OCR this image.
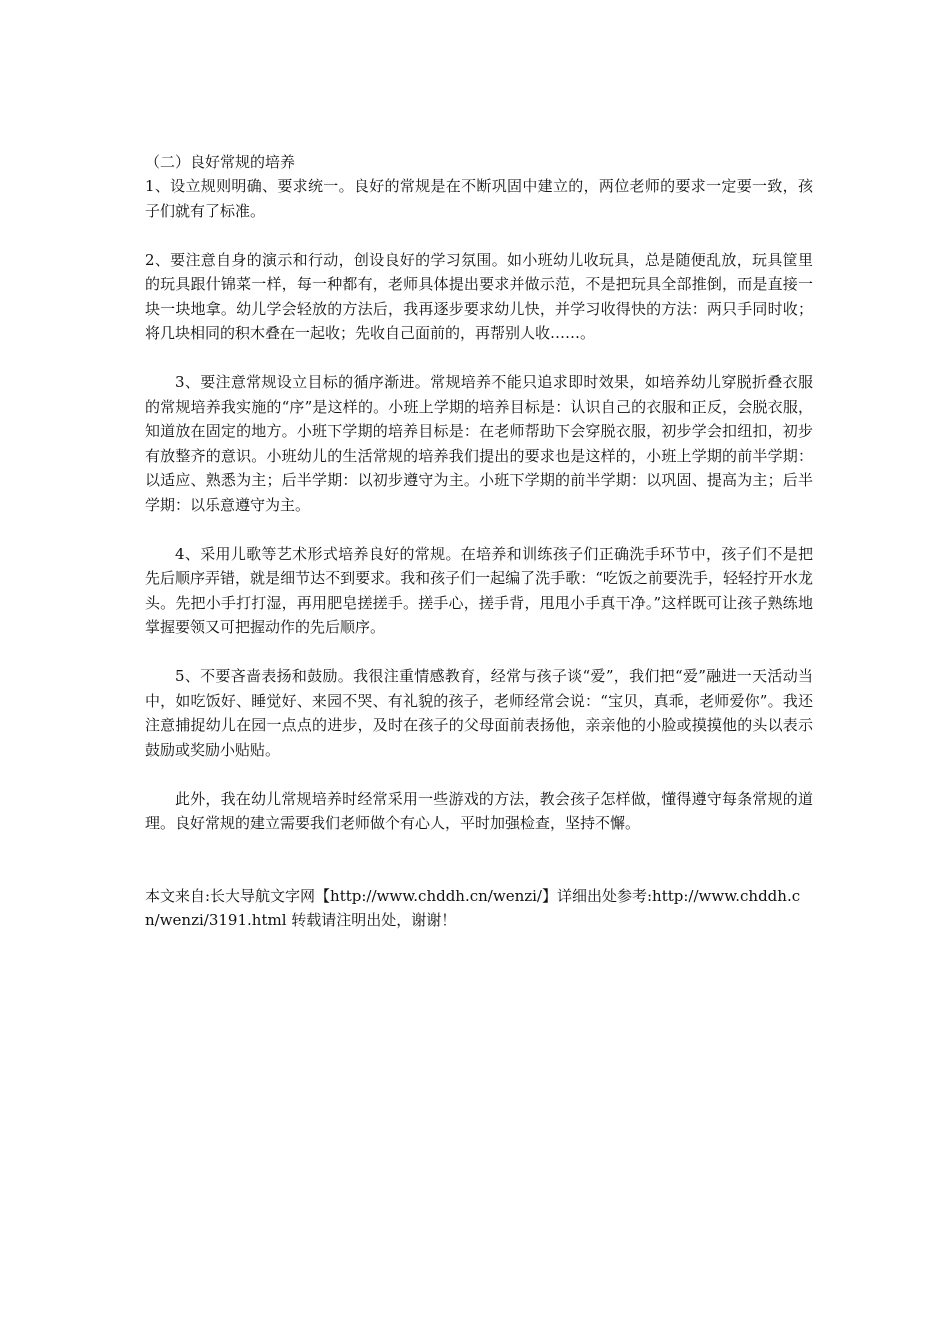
（二）良好常规的培养

1、设立规则明确、要求统一。良好的常规是在不断巩固中建立的，两位老师的要求一定要一致，孩子们就有了标准。

2、要注意自身的演示和行动，创设良好的学习氛围。如小班幼儿收玩具，总是随便乱放，玩具筐里的玩具跟什锦菜一样，每一种都有，老师具体提出要求并做示范，不是把玩具全部推倒，而是直接一块一块地拿。幼儿学会轻放的方法后，我再逐步要求幼儿快，并学习收得快的方法：两只手同时收；将几块相同的积木叠在一起收；先收自己面前的，再帮别人收……。

3、要注意常规设立目标的循序渐进。常规培养不能只追求即时效果，如培养幼儿穿脱折叠衣服的常规培养我实施的“序”是这样的。小班上学期的培养目标是：认识自己的衣服和正反，会脱衣服，知道放在固定的地方。小班下学期的培养目标是：在老师帮助下会穿脱衣服，初步学会扣纽扣，初步有放整齐的意识。小班幼儿的生活常规的培养我们提出的要求也是这样的，小班上学期的前半学期：以适应、熟悉为主；后半学期：以初步遵守为主。小班下学期的前半学期：以巩固、提高为主；后半学期：以乐意遵守为主。

4、采用儿歌等艺术形式培养良好的常规。在培养和训练孩子们正确洗手环节中，孩子们不是把先后顺序弄错，就是细节达不到要求。我和孩子们一起编了洗手歌：“吃饭之前要洗手，轻轻拧开水龙头。先把小手打打湿，再用肥皂搓搓手。搓手心，搓手背，甩甩小手真干净。”这样既可让孩子熟练地掌握要领又可把握动作的先后顺序。

5、不要吝啬表扬和鼓励。我很注重情感教育，经常与孩子谈“爱”，我们把“爱”融进一天活动当中，如吃饭好、睡觉好、来园不哭、有礼貌的孩子，老师经常会说：“宝贝，真乖，老师爱你”。我还注意捕捉幼儿在园一点点的进步，及时在孩子的父母面前表扬他，亲亲他的小脸或摸摸他的头以表示鼓励或奖励小贴贴。

此外，我在幼儿常规培养时经常采用一些游戏的方法，教会孩子怎样做，懂得遵守每条常规的道理。良好常规的建立需要我们老师做个有心人，平时加强检查，坚持不懈。

本文来自:长大导航文字网【http://www.chddh.cn/wenzi/】详细出处参考:http://www.chddh.cn/wenzi/3191.html 转载请注明出处，谢谢！
